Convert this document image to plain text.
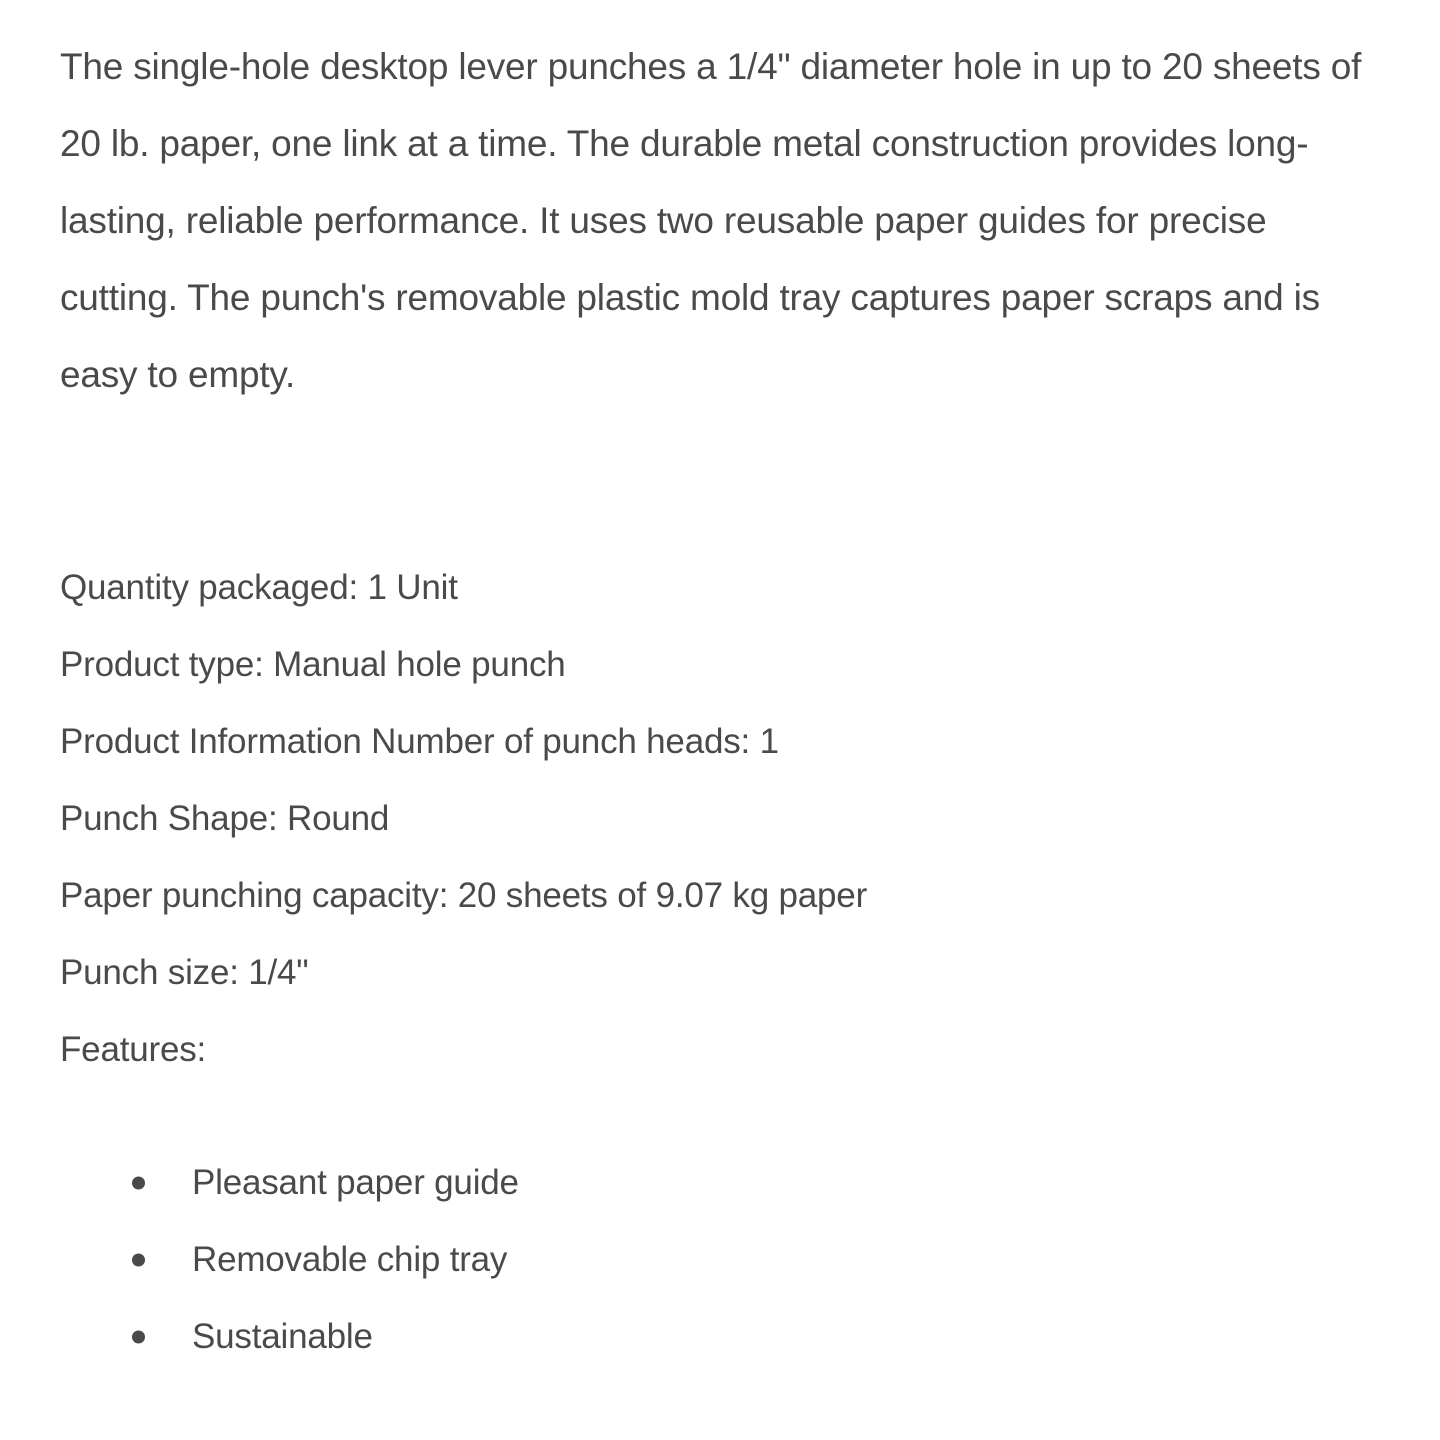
The single-hole desktop lever punches a 1/4" diameter hole in up to 20 sheets of 20 lb. paper, one link at a time. The durable metal construction provides long-lasting, reliable performance. It uses two reusable paper guides for precise cutting. The punch's removable plastic mold tray captures paper scraps and is easy to empty.

Quantity packaged: 1 Unit
Product type: Manual hole punch
Product Information Number of punch heads: 1
Punch Shape: Round
Paper punching capacity: 20 sheets of 9.07 kg paper
Punch size: 1/4"
Features:
Pleasant paper guide
Removable chip tray
Sustainable
